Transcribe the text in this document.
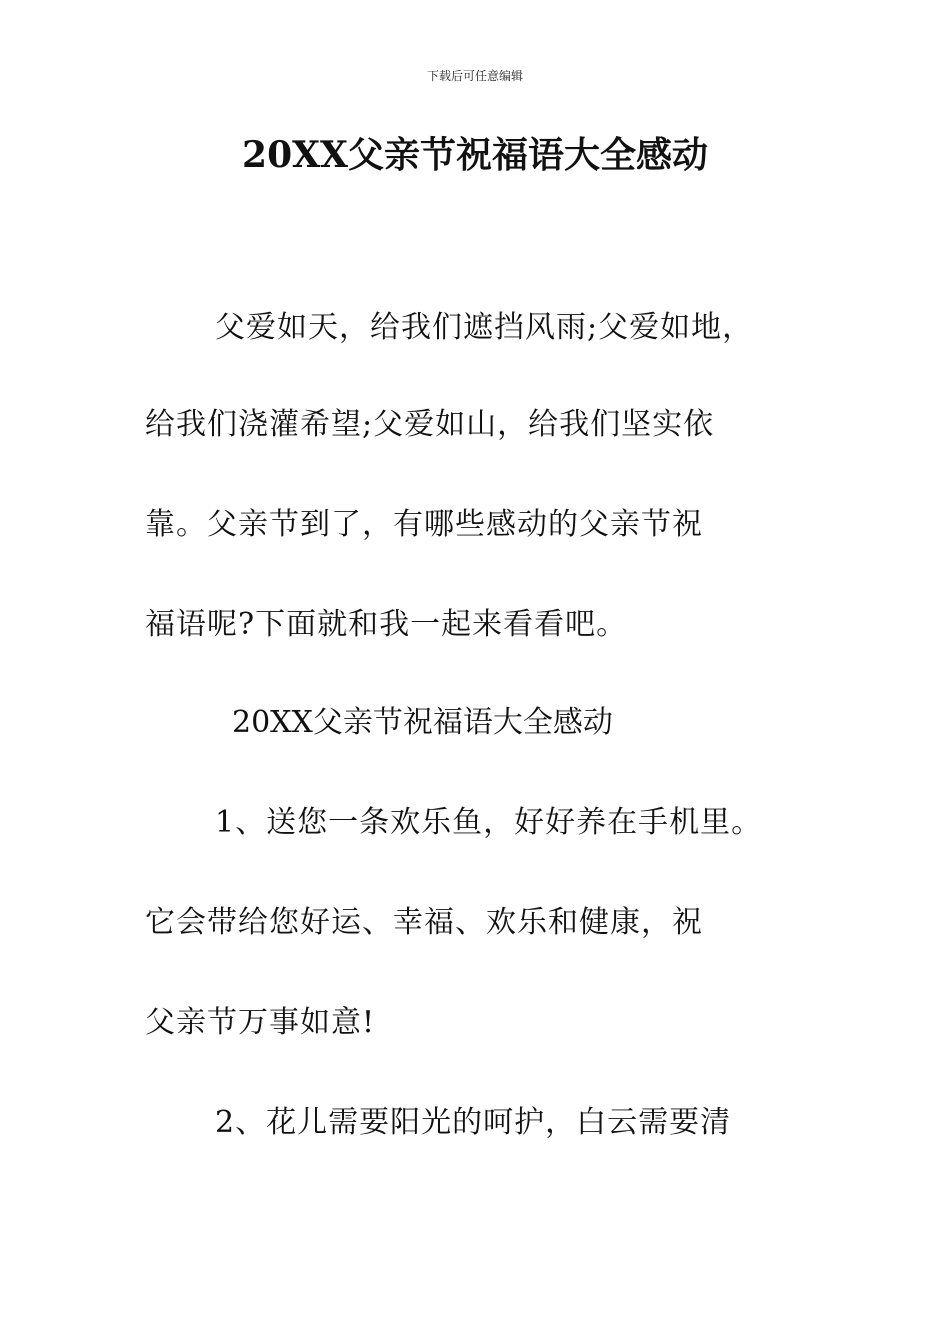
下载后可任意编辑
20XX父亲节祝福语大全感动

父爱如天，给我们遮挡风雨;父爱如地，

给我们浇灌希望;父爱如山，给我们坚实依

靠。父亲节到了，有哪些感动的父亲节祝

福语呢?下面就和我一起来看看吧。

20XX父亲节祝福语大全感动

1、送您一条欢乐鱼，好好养在手机里。

它会带给您好运、幸福、欢乐和健康，祝

父亲节万事如意!

2、花儿需要阳光的呵护，白云需要清
